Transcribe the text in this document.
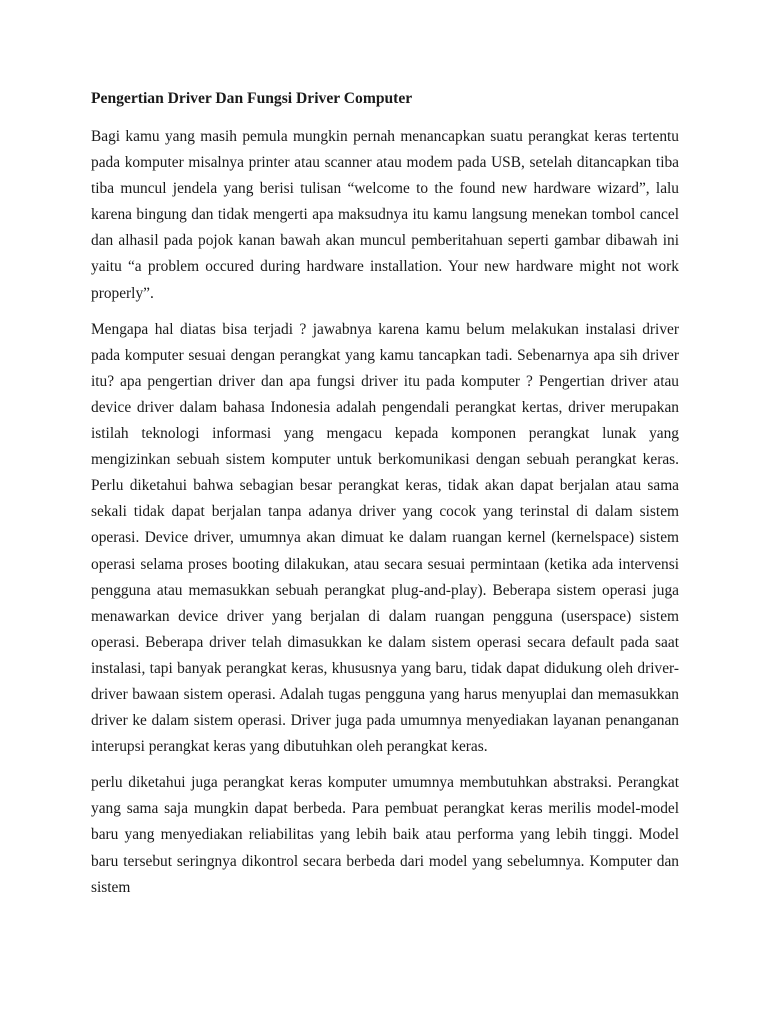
Pengertian Driver Dan Fungsi Driver Computer

Bagi kamu yang masih pemula mungkin pernah menancapkan suatu perangkat keras tertentu pada komputer misalnya printer atau scanner atau modem pada USB, setelah ditancapkan tiba tiba muncul jendela yang berisi tulisan “welcome to the found new hardware wizard”, lalu karena bingung dan tidak mengerti apa maksudnya itu kamu langsung menekan tombol cancel dan alhasil pada pojok kanan bawah akan muncul pemberitahuan seperti gambar dibawah ini yaitu “a problem occured during hardware installation. Your new hardware might not work properly”.

Mengapa hal diatas bisa terjadi ? jawabnya karena kamu belum melakukan instalasi driver pada komputer sesuai dengan perangkat yang kamu tancapkan tadi. Sebenarnya apa sih driver itu? apa pengertian driver dan apa fungsi driver itu pada komputer ? Pengertian driver atau device driver dalam bahasa Indonesia adalah pengendali perangkat kertas, driver merupakan istilah teknologi informasi yang mengacu kepada komponen perangkat lunak yang mengizinkan sebuah sistem komputer untuk berkomunikasi dengan sebuah perangkat keras. Perlu diketahui bahwa sebagian besar perangkat keras, tidak akan dapat berjalan atau sama sekali tidak dapat berjalan tanpa adanya driver yang cocok yang terinstal di dalam sistem operasi. Device driver, umumnya akan dimuat ke dalam ruangan kernel (kernelspace) sistem operasi selama proses booting dilakukan, atau secara sesuai permintaan (ketika ada intervensi pengguna atau memasukkan sebuah perangkat plug-and-play). Beberapa sistem operasi juga menawarkan device driver yang berjalan di dalam ruangan pengguna (userspace) sistem operasi. Beberapa driver telah dimasukkan ke dalam sistem operasi secara default pada saat instalasi, tapi banyak perangkat keras, khususnya yang baru, tidak dapat didukung oleh driver-driver bawaan sistem operasi. Adalah tugas pengguna yang harus menyuplai dan memasukkan driver ke dalam sistem operasi. Driver juga pada umumnya menyediakan layanan penanganan interupsi perangkat keras yang dibutuhkan oleh perangkat keras.

perlu diketahui juga perangkat keras komputer umumnya membutuhkan abstraksi. Perangkat yang sama saja mungkin dapat berbeda. Para pembuat perangkat keras merilis model-model baru yang menyediakan reliabilitas yang lebih baik atau performa yang lebih tinggi. Model baru tersebut seringnya dikontrol secara berbeda dari model yang sebelumnya. Komputer dan sistem
